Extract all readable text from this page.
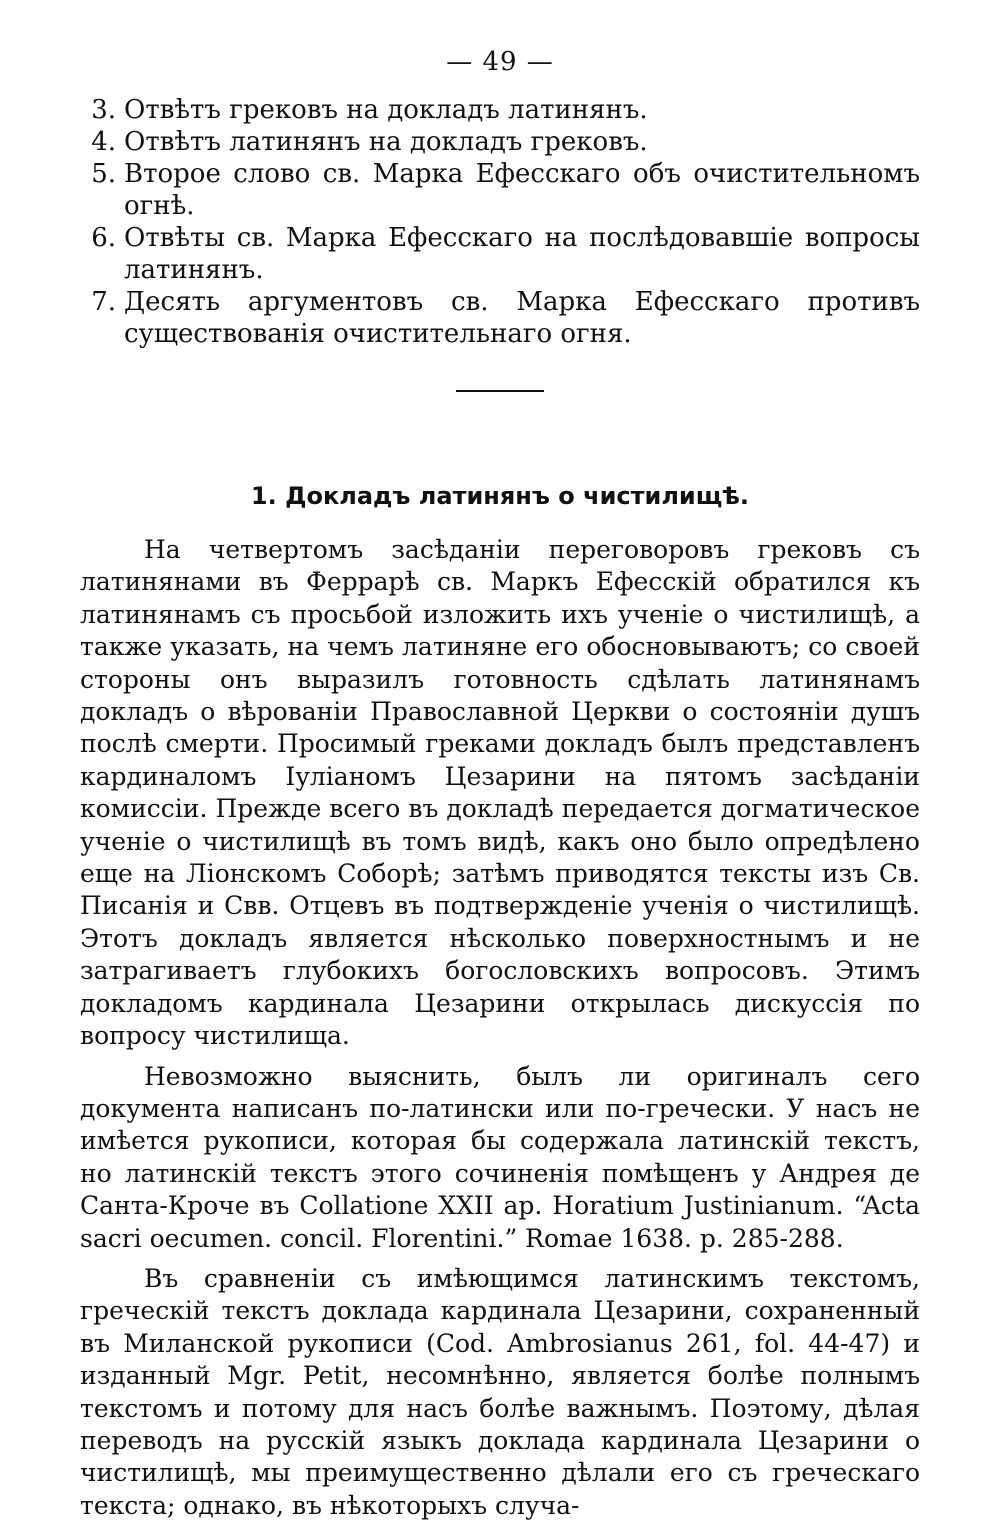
— 49 —
3. Отвѣтъ грековъ на докладъ латинянъ.
4. Отвѣтъ латинянъ на докладъ грековъ.
5. Второе слово св. Марка Ефесскаго объ очистительномъ огнѣ.
6. Отвѣты св. Марка Ефесскаго на послѣдовавшіе вопросы латинянъ.
7. Десять аргументовъ св. Марка Ефесскаго противъ существованія очистительнаго огня.
1. Докладъ латинянъ о чистилищѣ.

На четвертомъ засѣданіи переговоровъ грековъ съ латинянами въ Феррарѣ св. Маркъ Ефесскій обратился къ латинянамъ съ просьбой изложить ихъ ученіе о чистилищѣ, а также указать, на чемъ латиняне его обосновываютъ; со своей стороны онъ выразилъ готовность сдѣлать латинянамъ докладъ о вѣрованіи Православной Церкви о состояніи душъ послѣ смерти. Просимый греками докладъ былъ представленъ кардиналомъ Іуліаномъ Цезарини на пятомъ засѣданіи комиссіи. Прежде всего въ докладѣ передается догматическое ученіе о чистилищѣ въ томъ видѣ, какъ оно было опредѣлено еще на Ліонскомъ Соборѣ; затѣмъ приводятся тексты изъ Св. Писанія и Свв. Отцевъ въ подтвержденіе ученія о чистилищѣ. Этотъ докладъ является нѣсколько поверхностнымъ и не затрагиваетъ глубокихъ богословскихъ вопросовъ. Этимъ докладомъ кардинала Цезарини открылась дискуссія по вопросу чистилища.

Невозможно выяснить, былъ ли оригиналъ сего документа написанъ по-латински или по-гречески. У насъ не имѣется рукописи, которая бы содержала латинскій текстъ, но латинскій текстъ этого сочиненія помѣщенъ у Андрея де Санта-Кроче въ Collatione XXII ap. Horatium Justinianum. “Acta sacri oecumen. concil. Florentini.” Romae 1638. p. 285-288.

Въ сравненіи съ имѣющимся латинскимъ текстомъ, греческій текстъ доклада кардинала Цезарини, сохраненный въ Миланской рукописи (Cod. Ambrosianus 261, fol. 44-47) и изданный Mgr. Petit, несомнѣнно, является болѣе полнымъ текстомъ и потому для насъ болѣе важнымъ. Поэтому, дѣлая переводъ на русскій языкъ доклада кардинала Цезарини о чистилищѣ, мы преимущественно дѣлали его съ греческаго текста; однако, въ нѣкоторыхъ случа-
